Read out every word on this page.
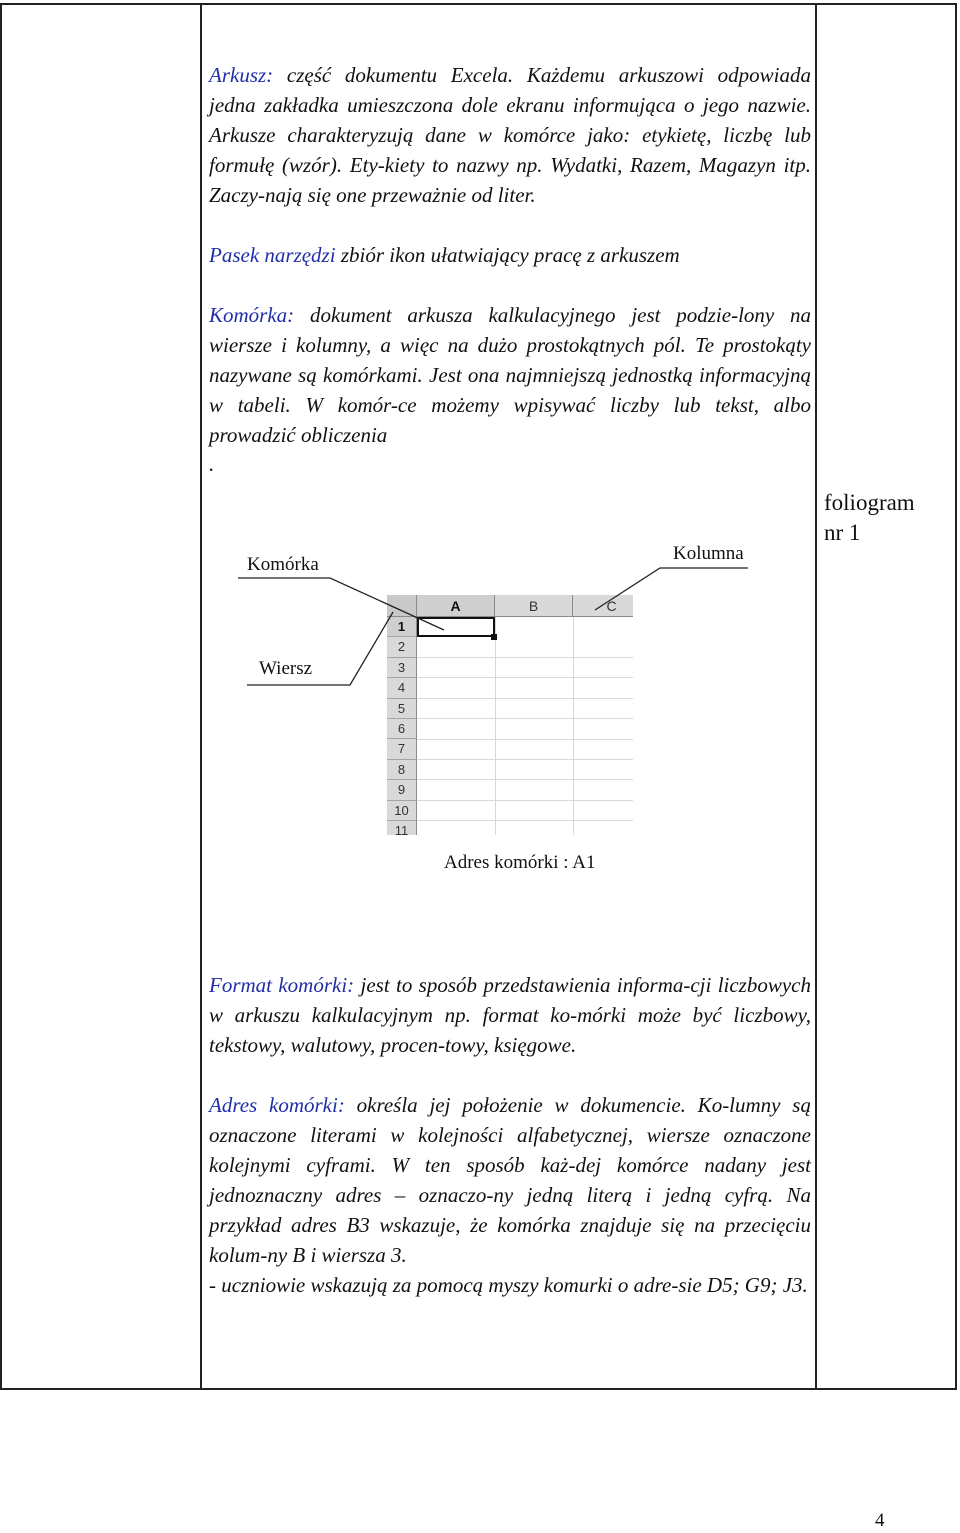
Arkusz: część dokumentu Excela. Każdemu arkuszowi odpowiada jedna zakładka umieszczona dole ekranu informująca o jego nazwie. Arkusze charakteryzują dane w komórce jako: etykietę, liczbę lub formułę (wzór). Ety-kiety to nazwy np. Wydatki, Razem, Magazyn itp. Zaczy-nają się one przeważnie od liter.

Pasek narzędzi zbiór ikon ułatwiający pracę z arkuszem

Komórka: dokument arkusza kalkulacyjnego jest podzie-lony na wiersze i kolumny, a więc na dużo prostokątnych pól. Te prostokąty nazywane są komórkami. Jest ona najmniejszą jednostką informacyjną w tabeli. W komór-ce możemy wpisywać liczby lub tekst, albo prowadzić obliczenia

.

Komórka
Kolumna
Wiersz
Adres komórki : A1
A	B	C
1
2
3
4
5
6
7
8
9
10
11

Format komórki: jest to sposób przedstawienia informa-cji liczbowych w arkuszu kalkulacyjnym np. format ko-mórki może być liczbowy, tekstowy, walutowy, procen-towy, księgowe.

Adres komórki: określa jej położenie w dokumencie. Ko-lumny są oznaczone literami w kolejności alfabetycznej, wiersze oznaczone kolejnymi cyframi. W ten sposób każ-dej komórce nadany jest jednoznaczny adres – oznaczo-ny jedną literą i jedną cyfrą. Na przykład adres B3 wskazuje, że komórka znajduje się na przecięciu kolum-ny B i wiersza 3.

- uczniowie wskazują za pomocą myszy komurki o adre-sie D5; G9; J3.

foliogram nr 1
4
